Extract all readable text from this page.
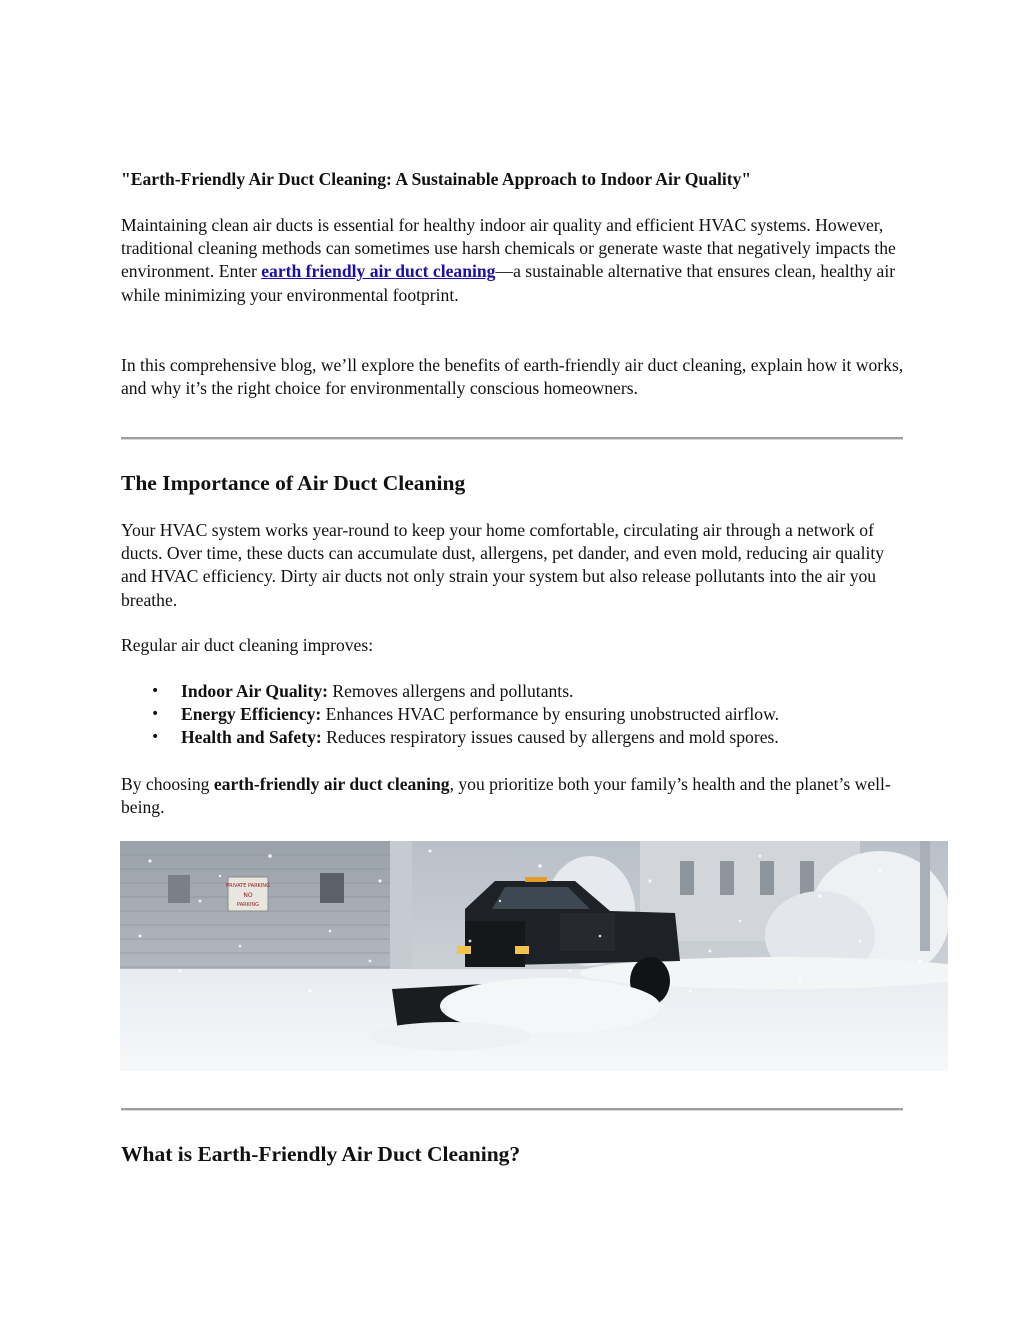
"Earth-Friendly Air Duct Cleaning: A Sustainable Approach to Indoor Air Quality"
Maintaining clean air ducts is essential for healthy indoor air quality and efficient HVAC systems. However, traditional cleaning methods can sometimes use harsh chemicals or generate waste that negatively impacts the environment. Enter earth friendly air duct cleaning—a sustainable alternative that ensures clean, healthy air while minimizing your environmental footprint.
In this comprehensive blog, we’ll explore the benefits of earth-friendly air duct cleaning, explain how it works, and why it’s the right choice for environmentally conscious homeowners.
The Importance of Air Duct Cleaning
Your HVAC system works year-round to keep your home comfortable, circulating air through a network of ducts. Over time, these ducts can accumulate dust, allergens, pet dander, and even mold, reducing air quality and HVAC efficiency. Dirty air ducts not only strain your system but also release pollutants into the air you breathe.
Regular air duct cleaning improves:
• Indoor Air Quality: Removes allergens and pollutants.
• Energy Efficiency: Enhances HVAC performance by ensuring unobstructed airflow.
• Health and Safety: Reduces respiratory issues caused by allergens and mold spores.
By choosing earth-friendly air duct cleaning, you prioritize both your family’s health and the planet’s well-being.
PRIVATE PARKING
NO
PARKING
What is Earth-Friendly Air Duct Cleaning?
